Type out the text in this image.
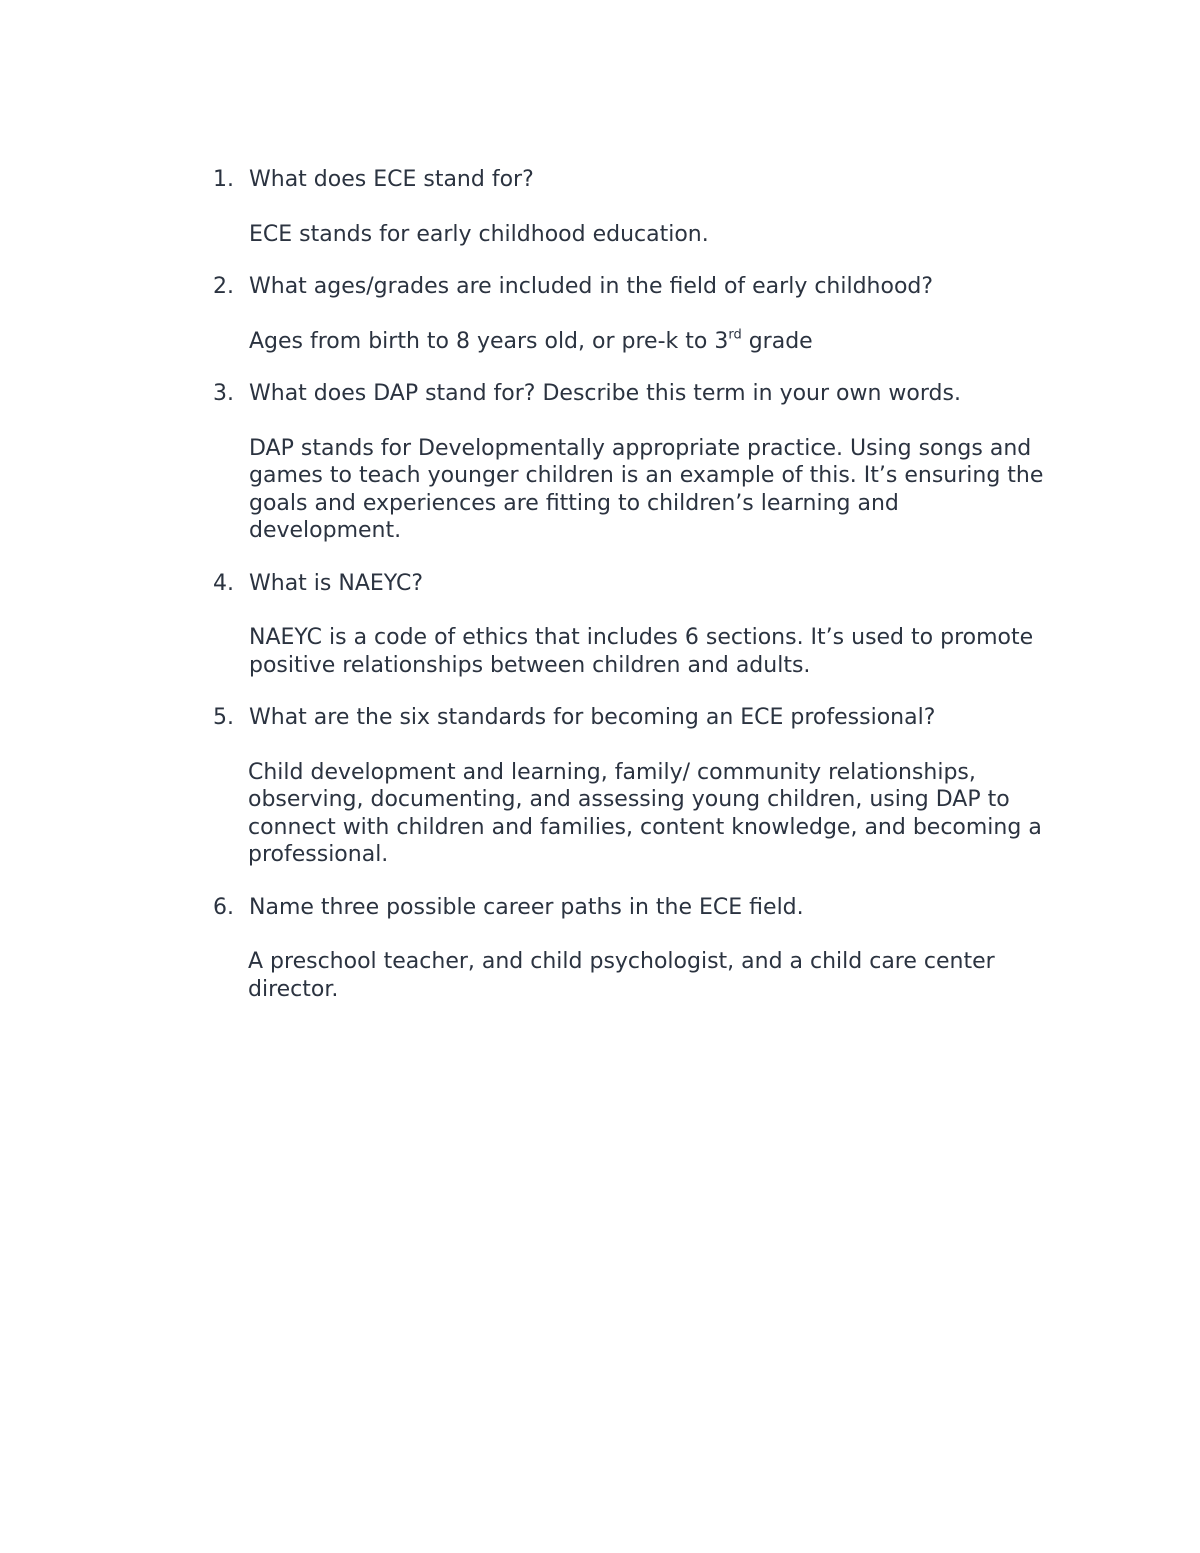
1. What does ECE stand for?

ECE stands for early childhood education.

2. What ages/grades are included in the field of early childhood?

Ages from birth to 8 years old, or pre-k to 3rd grade

3. What does DAP stand for? Describe this term in your own words.

DAP stands for Developmentally appropriate practice. Using songs and games to teach younger children is an example of this. It’s ensuring the goals and experiences are fitting to children’s learning and development.

4. What is NAEYC?

NAEYC is a code of ethics that includes 6 sections. It’s used to promote positive relationships between children and adults.

5. What are the six standards for becoming an ECE professional?

Child development and learning, family/ community relationships, observing, documenting, and assessing young children, using DAP to connect with children and families, content knowledge, and becoming a professional.

6. Name three possible career paths in the ECE field.

A preschool teacher, and child psychologist, and a child care center director.
